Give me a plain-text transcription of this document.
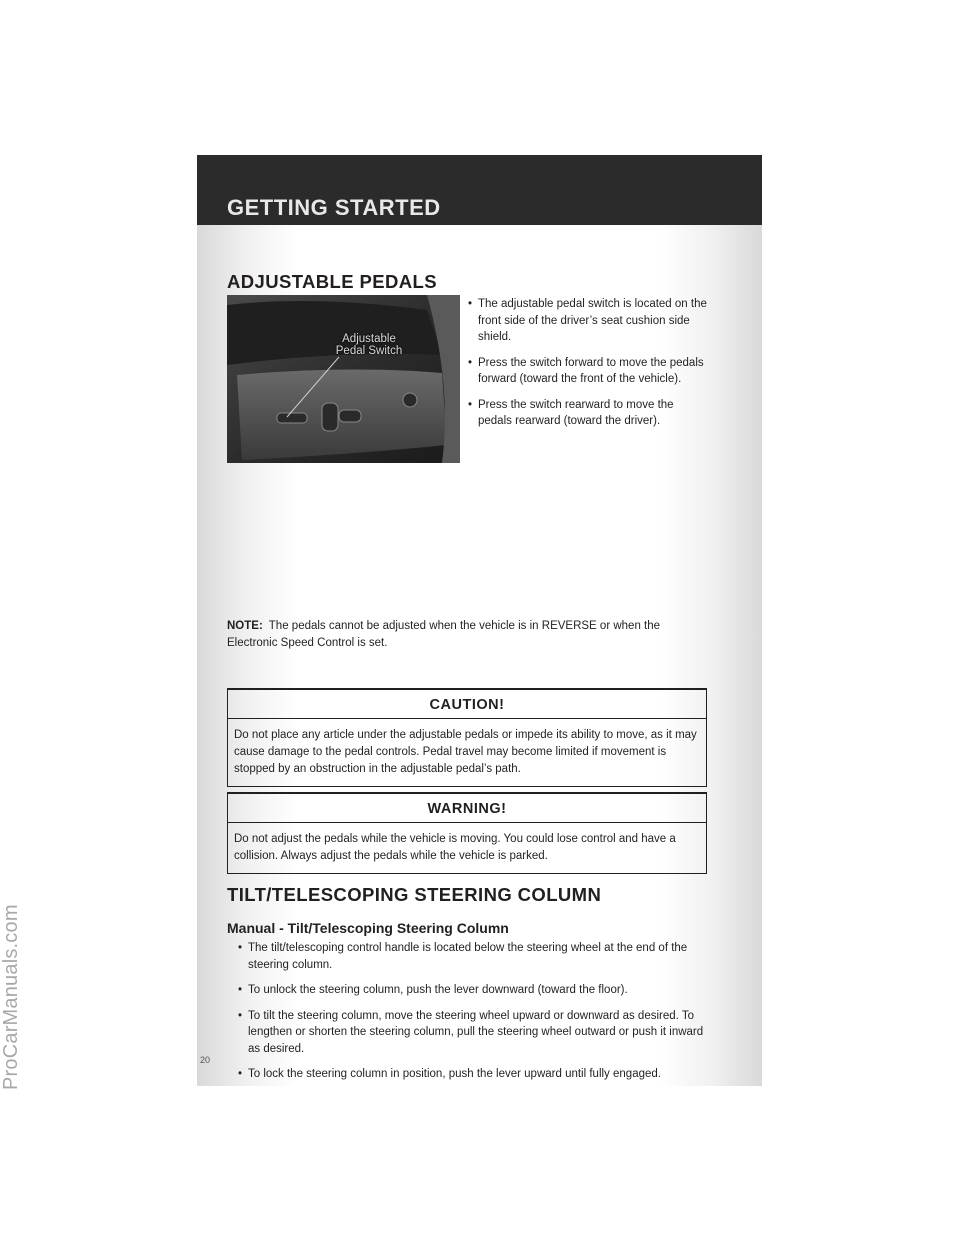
GETTING STARTED
ADJUSTABLE PEDALS
Adjustable
Pedal Switch
• The adjustable pedal switch is located on the front side of the driver’s seat cushion side shield.
• Press the switch forward to move the pedals forward (toward the front of the vehicle).
• Press the switch rearward to move the pedals rearward (toward the driver).
NOTE: The pedals cannot be adjusted when the vehicle is in REVERSE or when the Electronic Speed Control is set.
CAUTION!
Do not place any article under the adjustable pedals or impede its ability to move, as it may cause damage to the pedal controls. Pedal travel may become limited if movement is stopped by an obstruction in the adjustable pedal’s path.
WARNING!
Do not adjust the pedals while the vehicle is moving. You could lose control and have a collision. Always adjust the pedals while the vehicle is parked.
TILT/TELESCOPING STEERING COLUMN
Manual - Tilt/Telescoping Steering Column
• The tilt/telescoping control handle is located below the steering wheel at the end of the steering column.
• To unlock the steering column, push the lever downward (toward the floor).
• To tilt the steering column, move the steering wheel upward or downward as desired. To lengthen or shorten the steering column, pull the steering wheel outward or push it inward as desired.
• To lock the steering column in position, push the lever upward until fully engaged.
20
ProCarManuals.com
